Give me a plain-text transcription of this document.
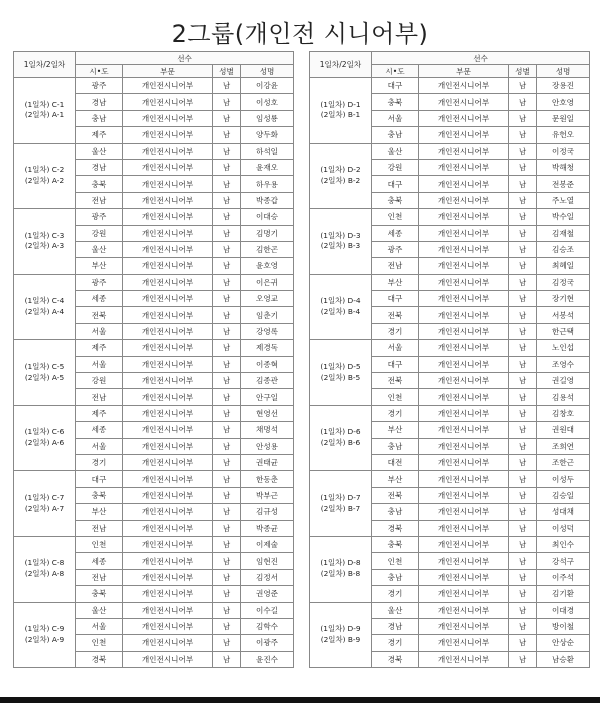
2그룹(개인전 시니어부)
1일차/2일차	선수			
	시•도	부문	성별	성명
(1일차) C-1
(2일차) A-1	광주	개인전시니어부	남	이강윤
	경남	개인전시니어부	남	이성호
	충남	개인전시니어부	남	임성룡
	제주	개인전시니어부	남	양두화
(1일차) C-2
(2일차) A-2	울산	개인전시니어부	남	하석일
	경남	개인전시니어부	남	윤재오
	충북	개인전시니어부	남	하우용
	전남	개인전시니어부	남	박종갑
(1일차) C-3
(2일차) A-3	광주	개인전시니어부	남	이대승
	강원	개인전시니어부	남	김명기
	울산	개인전시니어부	남	김한곤
	부산	개인전시니어부	남	윤호영
(1일차) C-4
(2일차) A-4	광주	개인전시니어부	남	이은귀
	세종	개인전시니어부	남	오영교
	전북	개인전시니어부	남	임춘기
	서울	개인전시니어부	남	강영록
(1일차) C-5
(2일차) A-5	제주	개인전시니어부	남	제경독
	서울	개인전시니어부	남	이종혁
	강원	개인전시니어부	남	김종관
	전남	개인전시니어부	남	안구일
(1일차) C-6
(2일차) A-6	제주	개인전시니어부	남	현영선
	세종	개인전시니어부	남	채명석
	서울	개인전시니어부	남	안성용
	경기	개인전시니어부	남	권태균
(1일차) C-7
(2일차) A-7	대구	개인전시니어부	남	한동춘
	충북	개인전시니어부	남	박부근
	부산	개인전시니어부	남	김규성
	전남	개인전시니어부	남	박종균
(1일차) C-8
(2일차) A-8	인천	개인전시니어부	남	이제술
	세종	개인전시니어부	남	임현진
	전남	개인전시니어부	남	김정서
	충북	개인전시니어부	남	권영준
(1일차) C-9
(2일차) A-9	울산	개인전시니어부	남	이수길
	서울	개인전시니어부	남	김학수
	인천	개인전시니어부	남	이광주
	경북	개인전시니어부	남	윤진수
1일차/2일차	선수			
	시•도	부문	성별	성명
(1일차) D-1
(2일차) B-1	대구	개인전시니어부	남	장용진
	충북	개인전시니어부	남	안호영
	서울	개인전시니어부	남	문원일
	충남	개인전시니어부	남	유헌오
(1일차) D-2
(2일차) B-2	울산	개인전시니어부	남	이정국
	강원	개인전시니어부	남	박해청
	대구	개인전시니어부	남	전봉준
	충북	개인전시니어부	남	주노열
(1일차) D-3
(2일차) B-3	인천	개인전시니어부	남	박수일
	세종	개인전시니어부	남	김재철
	광주	개인전시니어부	남	김승조
	전남	개인전시니어부	남	최혜일
(1일차) D-4
(2일차) B-4	부산	개인전시니어부	남	김정국
	대구	개인전시니어부	남	장기현
	전북	개인전시니어부	남	서봉석
	경기	개인전시니어부	남	한근택
(1일차) D-5
(2일차) B-5	서울	개인전시니어부	남	노인섭
	대구	개인전시니어부	남	조영수
	전북	개인전시니어부	남	권길영
	인천	개인전시니어부	남	김용석
(1일차) D-6
(2일차) B-6	경기	개인전시니어부	남	김창호
	부산	개인전시니어부	남	권원대
	충남	개인전시니어부	남	조희연
	대전	개인전시니어부	남	조한근
(1일차) D-7
(2일차) B-7	부산	개인전시니어부	남	이성두
	전북	개인전시니어부	남	김승일
	충남	개인전시니어부	남	성대채
	경북	개인전시니어부	남	이성덕
(1일차) D-8
(2일차) B-8	충북	개인전시니어부	남	최인수
	인천	개인전시니어부	남	강석구
	충남	개인전시니어부	남	이주석
	경기	개인전시니어부	남	김기환
(1일차) D-9
(2일차) B-9	울산	개인전시니어부	남	이대경
	경남	개인전시니어부	남	방이철
	경기	개인전시니어부	남	안상순
	경북	개인전시니어부	남	남승환
